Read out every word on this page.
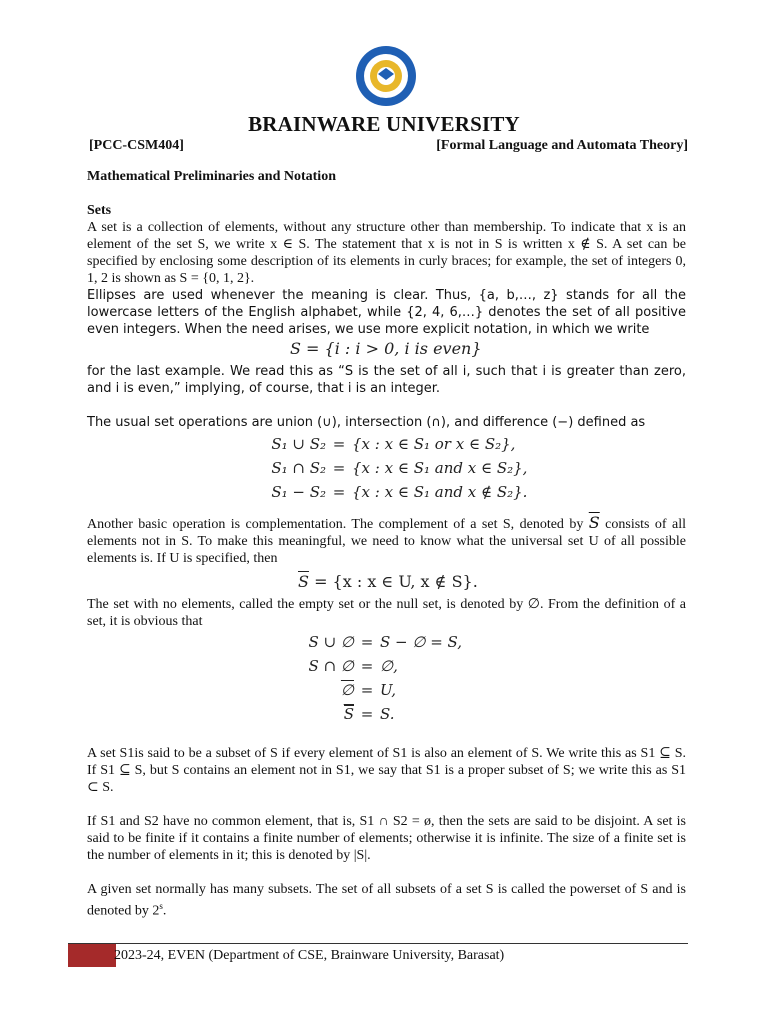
BRAINWARE UNIVERSITY
[PCC-CSM404]	[Formal Language and Automata Theory]
Mathematical Preliminaries and Notation
Sets

A set is a collection of elements, without any structure other than membership. To indicate that x is an element of the set S, we write x ∈ S. The statement that x is not in S is written x ∉ S. A set can be specified by enclosing some description of its elements in curly braces; for example, the set of integers 0, 1, 2 is shown as S = {0, 1, 2}.

Ellipses are used whenever the meaning is clear. Thus, {a, b,…, z} stands for all the lowercase letters of the English alphabet, while {2, 4, 6,…} denotes the set of all positive even integers. When the need arises, we use more explicit notation, in which we write

S = {i : i > 0, i is even}

for the last example. We read this as “S is the set of all i, such that i is greater than zero, and i is even,” implying, of course, that i is an integer.

The usual set operations are union (∪), intersection (∩), and difference (−) defined as

S₁ ∪ S₂ = {x : x ∈ S₁ or x ∈ S₂},
S₁ ∩ S₂ = {x : x ∈ S₁ and x ∈ S₂},
S₁ − S₂ = {x : x ∈ S₁ and x ∉ S₂}.

Another basic operation is complementation. The complement of a set S, denoted by $\overline{S}$ consists of all elements not in S. To make this meaningful, we need to know what the universal set U of all possible elements is. If U is specified, then

$\overline{S} = \{x$ : x ∈ U, x ∉ S}.

The set with no elements, called the empty set or the null set, is denoted by ∅. From the definition of a set, it is obvious that

S ∪ ∅ = S − ∅ = S,
S ∩ ∅ = ∅,
∅ = U,
$\overline{S} = S$.

A set S1is said to be a subset of S if every element of S1 is also an element of S. We write this as S1 ⊆ S. If S1 ⊆ S, but S contains an element not in S1, we say that S1 is a proper subset of S; we write this as S1 ⊂ S.

If S1 and S2 have no common element, that is, S1 ∩ S2 = ø, then the sets are said to be disjoint. A set is said to be finite if it contains a finite number of elements; otherwise it is infinite. The size of a finite set is the number of elements in it; this is denoted by |S|.

A given set normally has many subsets. The set of all subsets of a set S is called the powerset of S and is denoted by 2$^s$.

2023-24, EVEN (Department of CSE, Brainware University, Barasat)
